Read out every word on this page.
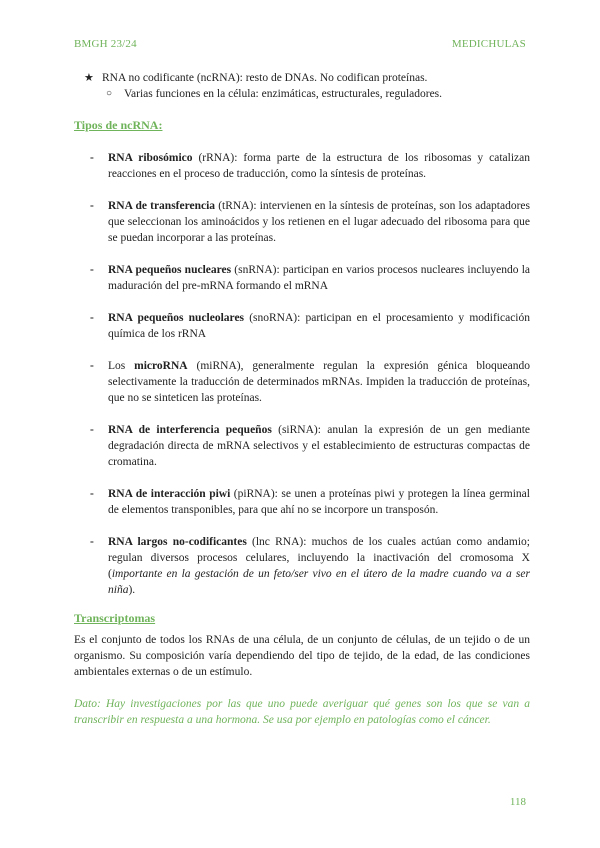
BMGH 23/24	MEDICHULAS
★ RNA no codificante (ncRNA): resto de DNAs. No codifican proteínas.
○ Varias funciones en la célula: enzimáticas, estructurales, reguladores.

Tipos de ncRNA:

- RNA ribosómico (rRNA): forma parte de la estructura de los ribosomas y catalizan reacciones en el proceso de traducción, como la síntesis de proteínas.
- RNA de transferencia (tRNA): intervienen en la síntesis de proteínas, son los adaptadores que seleccionan los aminoácidos y los retienen en el lugar adecuado del ribosoma para que se puedan incorporar a las proteínas.
- RNA pequeños nucleares (snRNA): participan en varios procesos nucleares incluyendo la maduración del pre-mRNA formando el mRNA
- RNA pequeños nucleolares (snoRNA): participan en el procesamiento y modificación química de los rRNA
- Los microRNA (miRNA), generalmente regulan la expresión génica bloqueando selectivamente la traducción de determinados mRNAs. Impiden la traducción de proteínas, que no se sinteticen las proteínas.
- RNA de interferencia pequeños (siRNA): anulan la expresión de un gen mediante degradación directa de mRNA selectivos y el establecimiento de estructuras compactas de cromatina.
- RNA de interacción piwi (piRNA): se unen a proteínas piwi y protegen la línea germinal de elementos transponibles, para que ahí no se incorpore un transposón.
- RNA largos no-codificantes (lnc RNA): muchos de los cuales actúan como andamio; regulan diversos procesos celulares, incluyendo la inactivación del cromosoma X (importante en la gestación de un feto/ser vivo en el útero de la madre cuando va a ser niña).

Transcriptomas

Es el conjunto de todos los RNAs de una célula, de un conjunto de células, de un tejido o de un organismo. Su composición varía dependiendo del tipo de tejido, de la edad, de las condiciones ambientales externas o de un estímulo.

Dato: Hay investigaciones por las que uno puede averiguar qué genes son los que se van a transcribir en respuesta a una hormona. Se usa por ejemplo en patologías como el cáncer.

118
